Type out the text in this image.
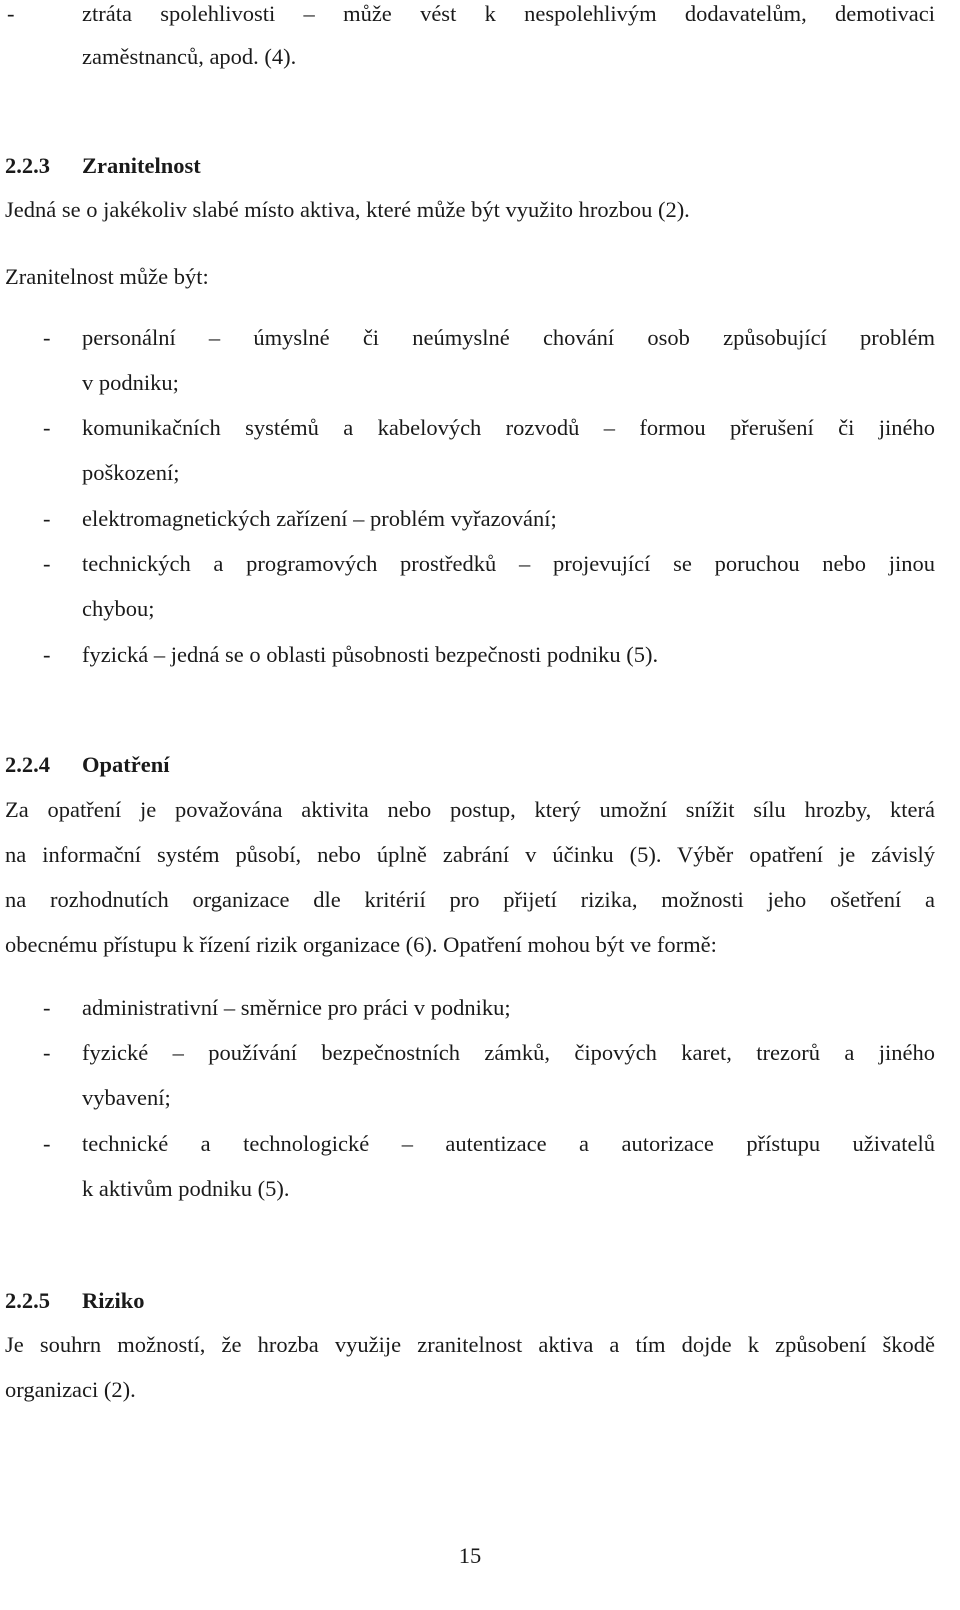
-	ztráta spolehlivosti – může vést k nespolehlivým dodavatelům, demotivaci
zaměstnanců, apod. (4).
2.2.3 Zranitelnost
Jedná se o jakékoliv slabé místo aktiva, které může být využito hrozbou (2).
Zranitelnost může být:
- personální – úmyslné či neúmyslné chování osob způsobující problém
v podniku;
- komunikačních systémů a kabelových rozvodů – formou přerušení či jiného
poškození;
- elektromagnetických zařízení – problém vyřazování;
- technických a programových prostředků – projevující se poruchou nebo jinou
chybou;
- fyzická – jedná se o oblasti působnosti bezpečnosti podniku (5).
2.2.4 Opatření
Za opatření je považována aktivita nebo postup, který umožní snížit sílu hrozby, která
na informační systém působí, nebo úplně zabrání v účinku (5). Výběr opatření je závislý
na rozhodnutích organizace dle kritérií pro přijetí rizika, možnosti jeho ošetření a
obecnému přístupu k řízení rizik organizace (6). Opatření mohou být ve formě:
- administrativní – směrnice pro práci v podniku;
- fyzické – používání bezpečnostních zámků, čipových karet, trezorů a jiného
vybavení;
- technické a technologické – autentizace a autorizace přístupu uživatelů
k aktivům podniku (5).
2.2.5 Riziko
Je souhrn možností, že hrozba využije zranitelnost aktiva a tím dojde k způsobení škodě
organizaci (2).
15
